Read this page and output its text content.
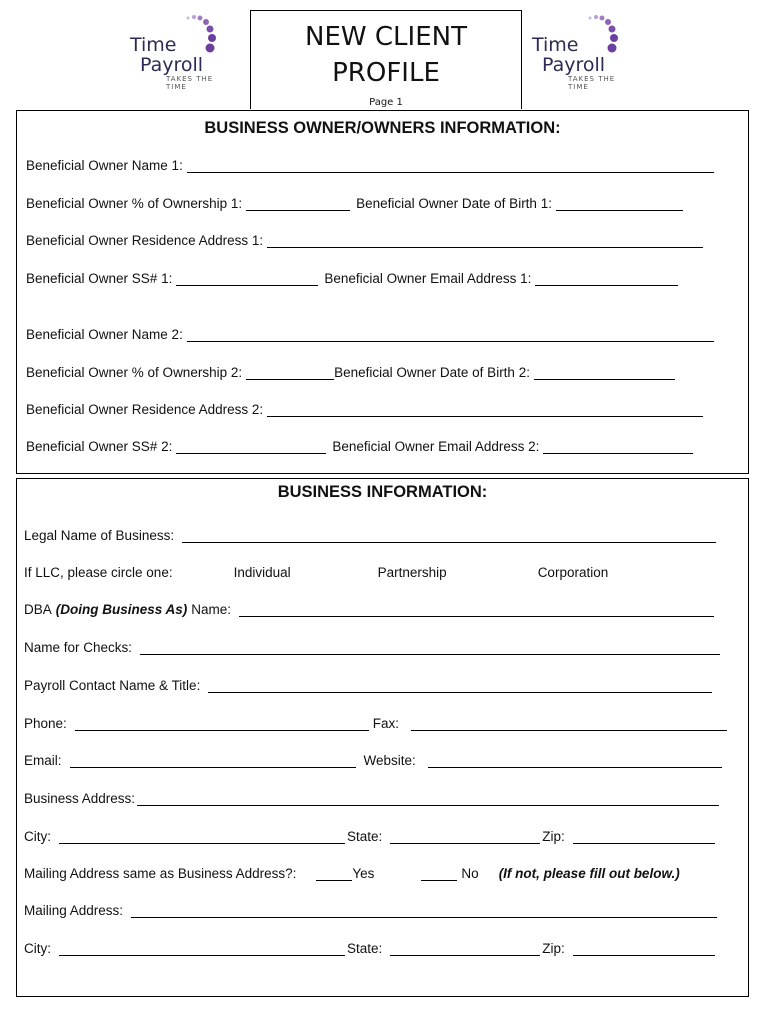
Time
Payroll
TAKES THE TIME
Time
Payroll
TAKES THE TIME
NEW CLIENT
PROFILE
Page 1
BUSINESS OWNER/OWNERS INFORMATION:
Beneficial Owner Name 1:
Beneficial Owner % of Ownership 1:	Beneficial Owner Date of Birth 1:
Beneficial Owner Residence Address 1:
Beneficial Owner SS# 1:	Beneficial Owner Email Address 1:
Beneficial Owner Name 2:
Beneficial Owner % of Ownership 2:	Beneficial Owner Date of Birth 2:
Beneficial Owner Residence Address 2:
Beneficial Owner SS# 2:	Beneficial Owner Email Address 2:
BUSINESS INFORMATION:
Legal Name of Business:
If LLC, please circle one:	Individual	Partnership	Corporation
DBA (Doing Business As) Name:
Name for Checks:
Payroll Contact Name & Title:
Phone:	Fax:
Email:	Website:
Business Address:
City:	State:	Zip:
Mailing Address same as Business Address?:	Yes	No (If not, please fill out below.)
Mailing Address:
City:	State:	Zip:
